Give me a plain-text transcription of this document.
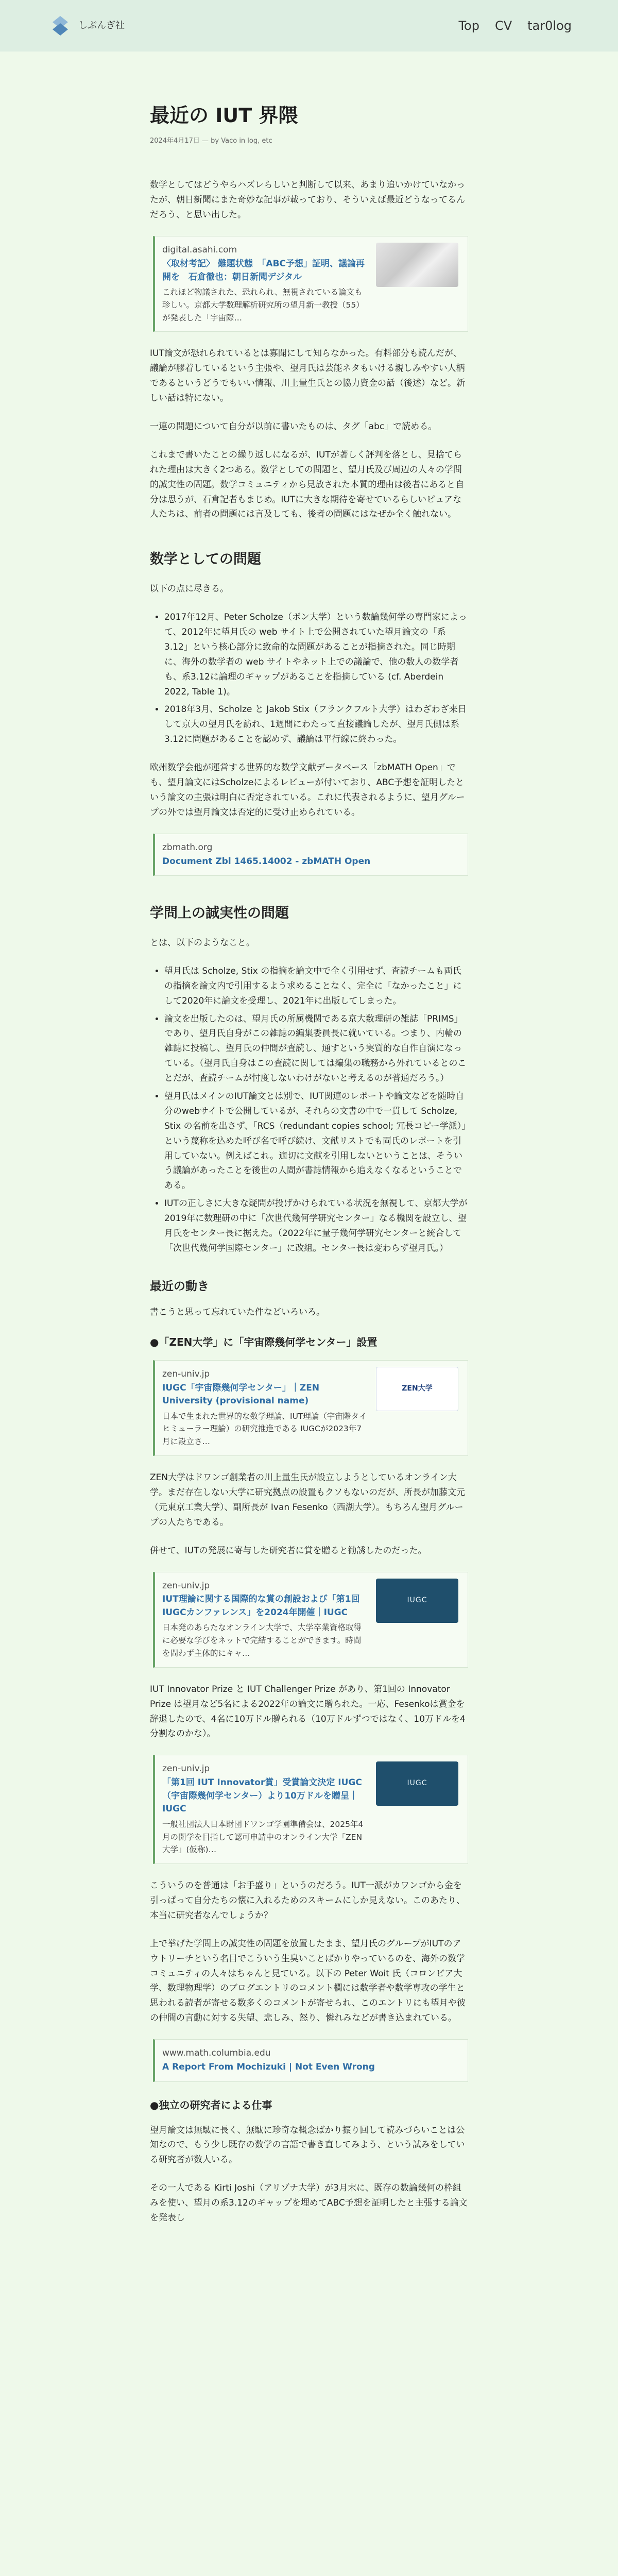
しぶんぎ社	Top CV tar0log
最近の IUT 界隈
2024年4月17日 — by Vaco in log, etc

数学としてはどうやらハズレらしいと判断して以来、あまり追いかけていなかったが、朝日新聞にまた奇妙な記事が載っており、そういえば最近どうなってるんだろう、と思い出した。

digital.asahi.com
〈取材考記〉 難題状態　「ABC予想」証明、議論再開を　石倉徹也：朝日新聞デジタル
これほど物議された、恐れられ、無視されている論文も珍しい。京都大学数理解析研究所の望月新一教授（55）が発表した「宇宙際…

IUT論文が恐れられているとは寡聞にして知らなかった。有料部分も読んだが、議論が膠着しているという主張や、望月氏は芸能ネタもいける親しみやすい人柄であるというどうでもいい情報、川上量生氏との協力資金の話（後述）など。新しい話は特にない。

一連の問題について自分が以前に書いたものは、タグ「abc」で読める。

これまで書いたことの繰り返しになるが、IUTが著しく評判を落とし、見捨てられた理由は大きく2つある。数学としての問題と、望月氏及び周辺の人々の学問的誠実性の問題。数学コミュニティから見放された本質的理由は後者にあると自分は思うが、石倉記者もまじめ。IUTに大きな期待を寄せているらしいピュアな人たちは、前者の問題には言及しても、後者の問題にはなぜか全く触れない。

数学としての問題

以下の点に尽きる。

• 2017年12月、Peter Scholze（ボン大学）という数論幾何学の専門家によって、2012年に望月氏の web サイト上で公開されていた望月論文の「系3.12」という核心部分に致命的な問題があることが指摘された。同じ時期に、海外の数学者の web サイトやネット上での議論で、他の数人の数学者も、系3.12に論理のギャップがあることを指摘している (cf. Aberdein 2022, Table 1)。
• 2018年3月、Scholze と Jakob Stix（フランクフルト大学）はわざわざ来日して京大の望月氏を訪れ、1週間にわたって直接議論したが、望月氏側は系3.12に問題があることを認めず、議論は平行線に終わった。

欧州数学会他が運営する世界的な数学文献データベース「zbMATH Open」でも、望月論文にはScholzeによるレビューが付いており、ABC予想を証明したという論文の主張は明白に否定されている。これに代表されるように、望月グループの外では望月論文は否定的に受け止められている。

zbmath.org
Document Zbl 1465.14002 - zbMATH Open
学問上の誠実性の問題

とは、以下のようなこと。

• 望月氏は Scholze, Stix の指摘を論文中で全く引用せず、査読チームも両氏の指摘を論文内で引用するよう求めることなく、完全に「なかったこと」にして2020年に論文を受理し、2021年に出版してしまった。
• 論文を出版したのは、望月氏の所属機関である京大数理研の雑誌「PRIMS」であり、望月氏自身がこの雑誌の編集委員長に就いている。つまり、内輪の雑誌に投稿し、望月氏の仲間が査読し、通すという実質的な自作自演になっている。（望月氏自身はこの査読に関しては編集の職務から外れているとのことだが、査読チームが忖度しないわけがないと考えるのが普通だろう。）
• 望月氏はメインのIUT論文とは別で、IUT関連のレポートや論文などを随時自分のwebサイトで公開しているが、それらの文書の中で一貫して Scholze, Stix の名前を出さず、「RCS（redundant copies school; 冗長コピー学派）」という蔑称を込めた呼び名で呼び続け、文献リストでも両氏のレポートを引用していない。例えばこれ。適切に文献を引用しないということは、そういう議論があったことを後世の人間が書誌情報から追えなくなるということである。
• IUTの正しさに大きな疑問が投げかけられている状況を無視して、京都大学が2019年に数理研の中に「次世代幾何学研究センター」なる機関を設立し、望月氏をセンター長に据えた。（2022年に量子幾何学研究センターと統合して「次世代幾何学国際センター」に改組。センター長は変わらず望月氏。）
最近の動き

書こうと思って忘れていた件などいろいろ。

●「ZEN大学」に「宇宙際幾何学センター」設置
zen-univ.jp
IUGC「宇宙際幾何学センター」｜ZEN University (provisional name)
日本で生まれた世界的な数学理論、IUT理論（宇宙際タイヒミューラー理論）の研究推進である IUGCが2023年7月に設立さ…
ZEN大学

ZEN大学はドワンゴ創業者の川上量生氏が設立しようとしているオンライン大学。まだ存在しない大学に研究拠点の設置もクソもないのだが、所長が加藤文元（元東京工業大学）、副所長が Ivan Fesenko（西湖大学）。もちろん望月グループの人たちである。

併せて、IUTの発展に寄与した研究者に賞を贈ると勧誘したのだった。

zen-univ.jp
IUT理論に関する国際的な賞の創設および「第1回IUGCカンファレンス」を2024年開催｜IUGC
日本発のあらたなオンライン大学で、大学卒業資格取得に必要な学びをネットで完結することができます。時間を問わず主体的にキャ…
IUGC

IUT Innovator Prize と IUT Challenger Prize があり、第1回の Innovator Prize は望月など5名による2022年の論文に贈られた。一応、Fesenkoは賞金を辞退したので、4名に10万ドル贈られる（10万ドルずつではなく、10万ドルを4分割なのかな）。

zen-univ.jp
「第1回 IUT Innovator賞」受賞論文決定 IUGC（宇宙際幾何学センター）より10万ドルを贈呈｜IUGC
一般社団法人日本財団ドワンゴ学園準備会は、2025年4月の開学を目指して認可申請中のオンライン大学「ZEN大学」(仮称)…
IUGC

こういうのを普通は「お手盛り」というのだろう。IUT一派がカワンゴから金を引っぱって自分たちの懐に入れるためのスキームにしか見えない。このあたり、本当に研究者なんでしょうか？

上で挙げた学問上の誠実性の問題を放置したまま、望月氏のグループがIUTのアウトリーチという名目でこういう生臭いことばかりやっているのを、海外の数学コミュニティの人々はちゃんと見ている。以下の Peter Woit 氏（コロンビア大学、数理物理学）のブログエントリのコメント欄には数学者や数学専攻の学生と思われる読者が寄せる数多くのコメントが寄せられ、このエントリにも望月や彼の仲間の言動に対する失望、悲しみ、怒り、憐れみなどが書き込まれている。

www.math.columbia.edu
A Report From Mochizuki | Not Even Wrong
●独立の研究者による仕事

望月論文は無駄に長く、無駄に珍奇な概念ばかり振り回して読みづらいことは公知なので、もう少し既存の数学の言語で書き直してみよう、という試みをしている研究者が数人いる。

その一人である Kirti Joshi（アリゾナ大学）が3月末に、既存の数論幾何の枠組みを使い、望月の系3.12のギャップを埋めてABC予想を証明したと主張する論文を発表し
